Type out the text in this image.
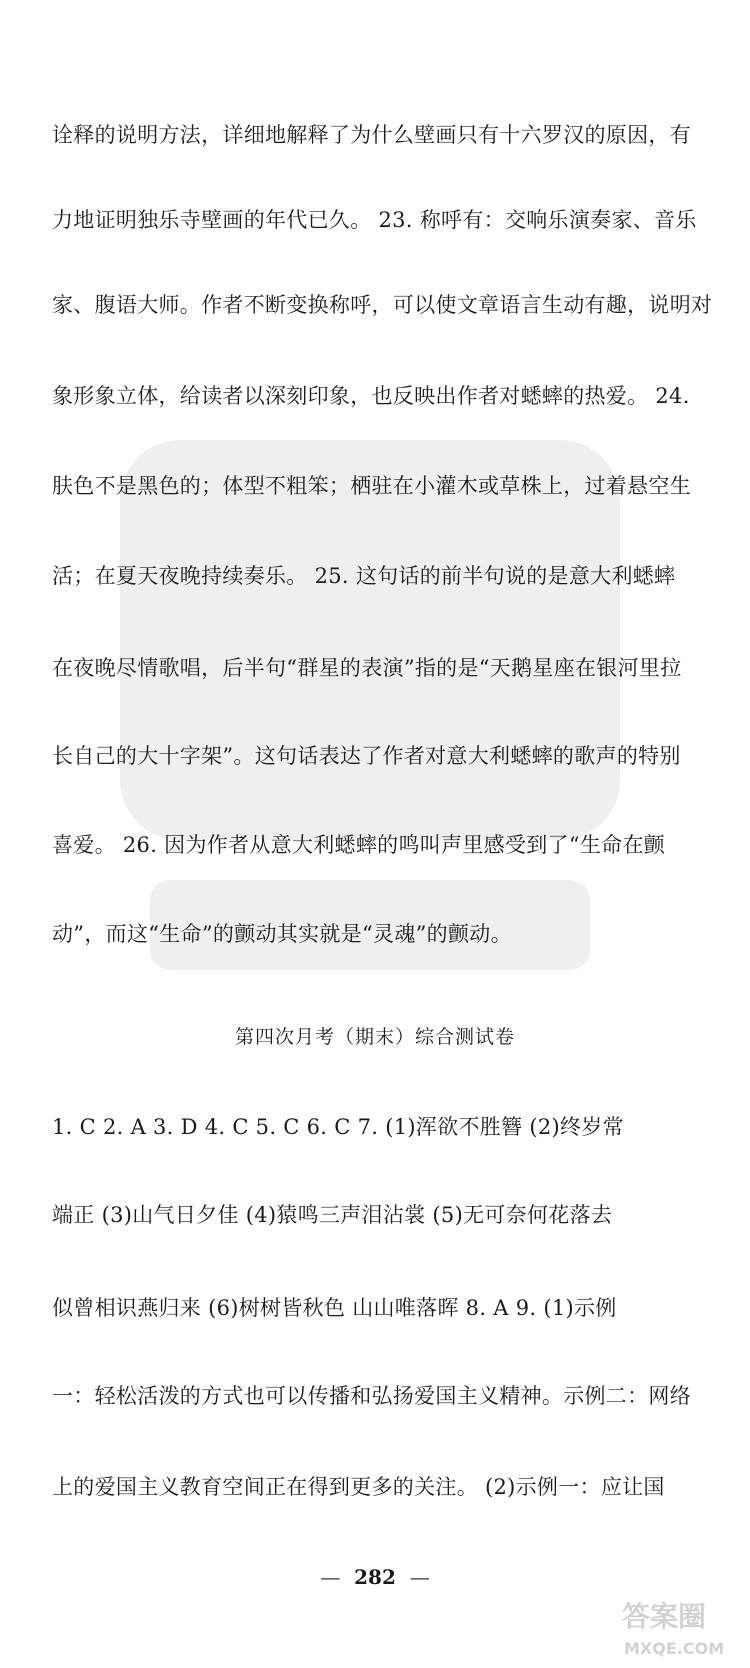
诠释的说明方法，详细地解释了为什么壁画只有十六罗汉的原因，有
力地证明独乐寺壁画的年代已久。 23. 称呼有：交响乐演奏家、音乐
家、腹语大师。作者不断变换称呼，可以使文章语言生动有趣，说明对
象形象立体，给读者以深刻印象，也反映出作者对蟋蟀的热爱。 24.
肤色不是黑色的；体型不粗笨；栖驻在小灌木或草株上，过着悬空生
活；在夏天夜晚持续奏乐。 25. 这句话的前半句说的是意大利蟋蟀
在夜晚尽情歌唱，后半句“群星的表演”指的是“天鹅星座在银河里拉
长自己的大十字架”。这句话表达了作者对意大利蟋蟀的歌声的特别
喜爱。 26. 因为作者从意大利蟋蟀的鸣叫声里感受到了“生命在颤
动”，而这“生命”的颤动其实就是“灵魂”的颤动。
第四次月考（期末）综合测试卷
1. C 2. A 3. D 4. C 5. C 6. C 7. (1)浑欲不胜簪 (2)终岁常
端正 (3)山气日夕佳 (4)猿鸣三声泪沾裳 (5)无可奈何花落去
似曾相识燕归来 (6)树树皆秋色 山山唯落晖 8. A 9. (1)示例
一：轻松活泼的方式也可以传播和弘扬爱国主义精神。示例二：网络
上的爱国主义教育空间正在得到更多的关注。 (2)示例一：应让国
— 282 —
答案圈
MXQE.COM
